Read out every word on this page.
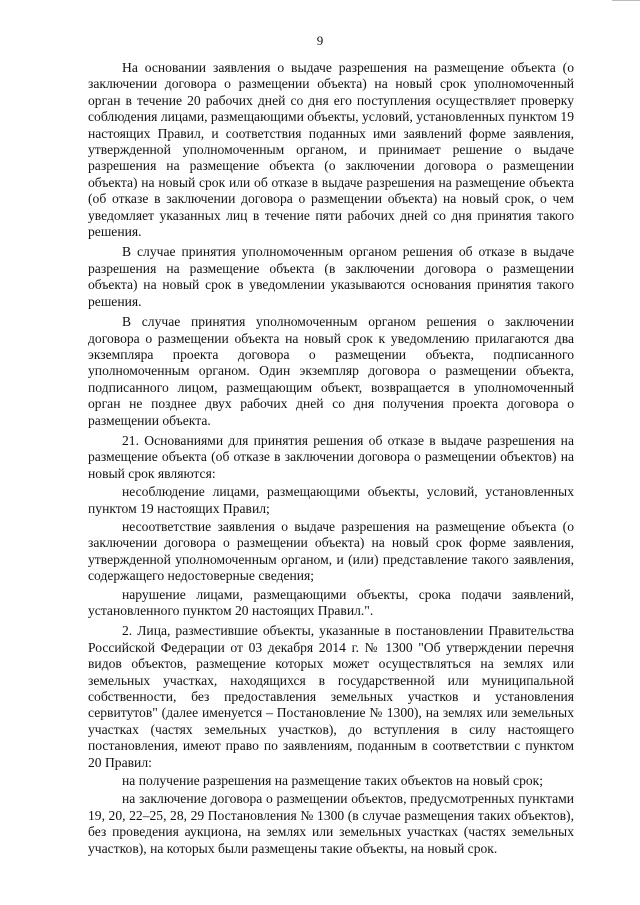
9

На основании заявления о выдаче разрешения на размещение объекта (о заключении договора о размещении объекта) на новый срок уполномоченный орган в течение 20 рабочих дней со дня его поступления осуществляет проверку соблюдения лицами, размещающими объекты, условий, установленных пунктом 19 настоящих Правил, и соответствия поданных ими заявлений форме заявления, утвержденной уполномоченным органом, и принимает решение о выдаче разрешения на размещение объекта (о заключении договора о размещении объекта) на новый срок или об отказе в выдаче разрешения на размещение объекта (об отказе в заключении договора о размещении объекта) на новый срок, о чем уведомляет указанных лиц в течение пяти рабочих дней со дня принятия такого решения.

В случае принятия уполномоченным органом решения об отказе в выдаче разрешения на размещение объекта (в заключении договора о размещении объекта) на новый срок в уведомлении указываются основания принятия такого решения.

В случае принятия уполномоченным органом решения о заключении договора о размещении объекта на новый срок к уведомлению прилагаются два экземпляра проекта договора о размещении объекта, подписанного уполномоченным органом. Один экземпляр договора о размещении объекта, подписанного лицом, размещающим объект, возвращается в уполномоченный орган не позднее двух рабочих дней со дня получения проекта договора о размещении объекта.

21. Основаниями для принятия решения об отказе в выдаче разрешения на размещение объекта (об отказе в заключении договора о размещении объектов) на новый срок являются:

несоблюдение лицами, размещающими объекты, условий, установленных пунктом 19 настоящих Правил;

несоответствие заявления о выдаче разрешения на размещение объекта (о заключении договора о размещении объекта) на новый срок форме заявления, утвержденной уполномоченным органом, и (или) представление такого заявления, содержащего недостоверные сведения;

нарушение лицами, размещающими объекты, срока подачи заявлений, установленного пунктом 20 настоящих Правил.".

2. Лица, разместившие объекты, указанные в постановлении Правительства Российской Федерации от 03 декабря 2014 г. № 1300 "Об утверждении перечня видов объектов, размещение которых может осуществляться на землях или земельных участках, находящихся в государственной или муниципальной собственности, без предоставления земельных участков и установления сервитутов" (далее именуется – Постановление № 1300), на землях или земельных участках (частях земельных участков), до вступления в силу настоящего постановления, имеют право по заявлениям, поданным в соответствии с пунктом 20 Правил:

на получение разрешения на размещение таких объектов на новый срок;

на заключение договора о размещении объектов, предусмотренных пунктами 19, 20, 22–25, 28, 29 Постановления № 1300 (в случае размещения таких объектов), без проведения аукциона, на землях или земельных участках (частях земельных участков), на которых были размещены такие объекты, на новый срок.
